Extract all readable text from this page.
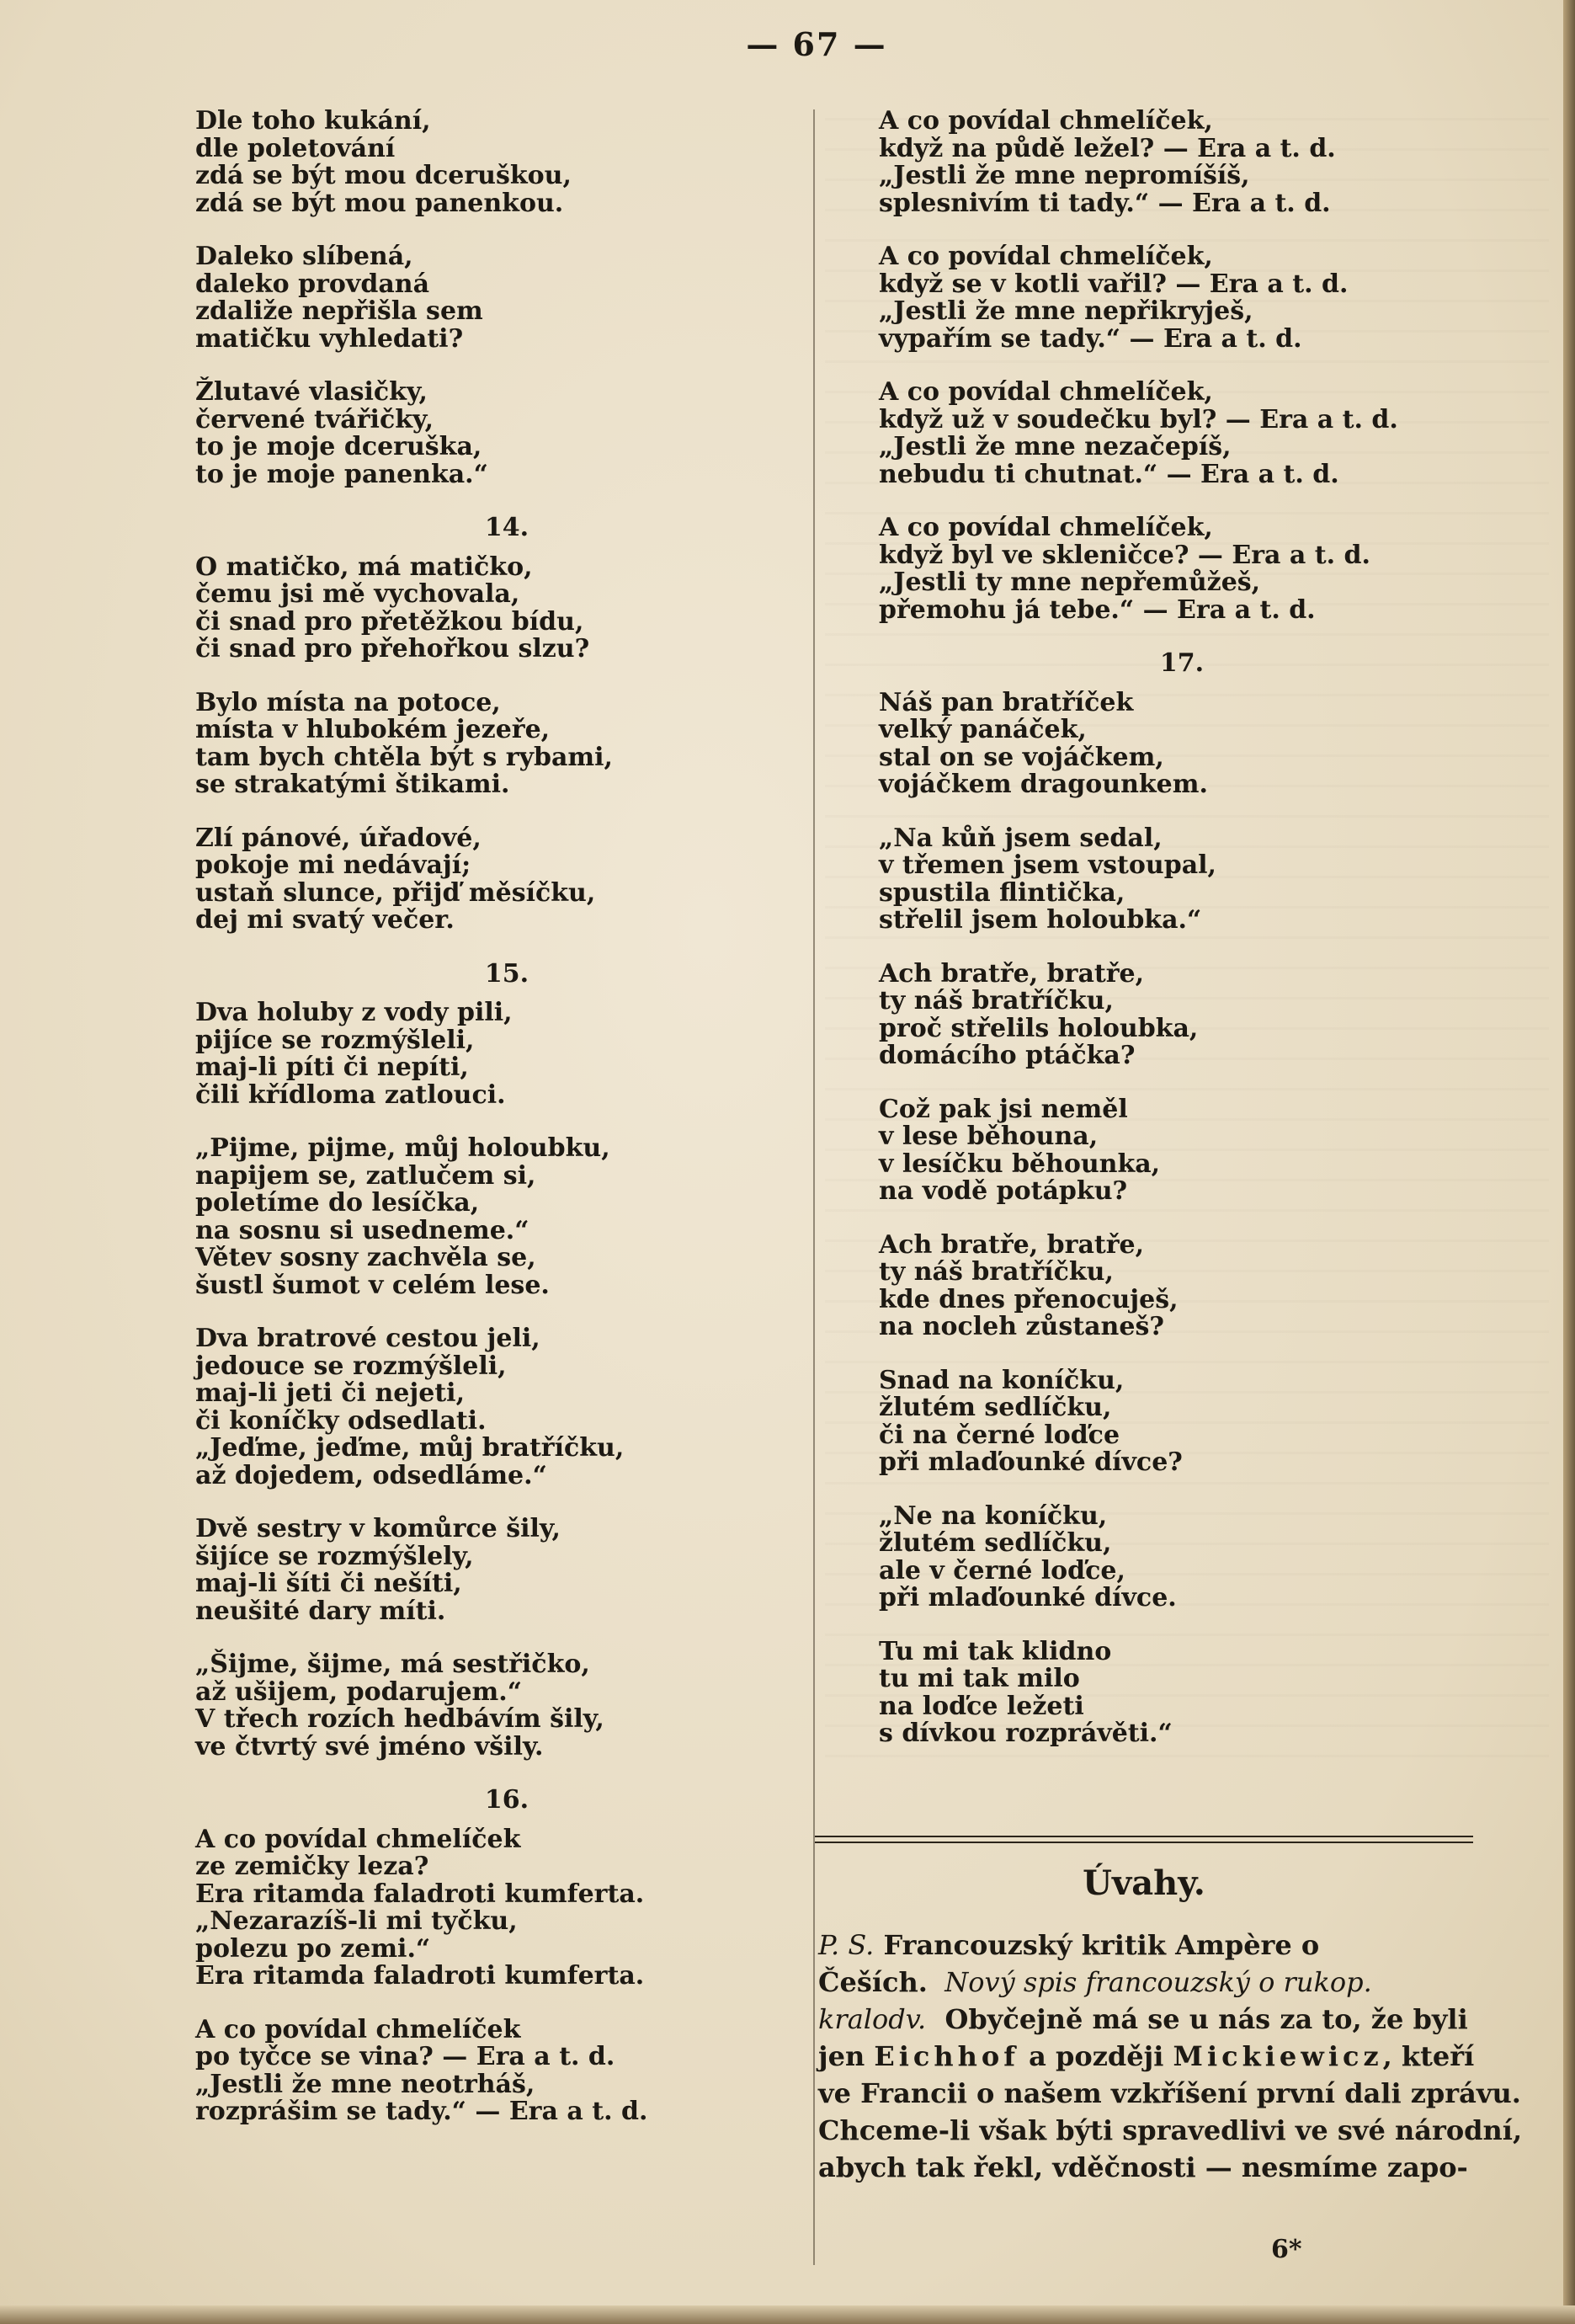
— 67 —
Dle toho kukání,
dle poletování
zdá se být mou dceruškou,
zdá se být mou panenkou.
Daleko slíbená,
daleko provdaná
zdaliže nepřišla sem
matičku vyhledati?
Žlutavé vlasičky,
červené tvářičky,
to je moje dceruška,
to je moje panenka.“
14.
O matičko, má matičko,
čemu jsi mě vychovala,
či snad pro přetěžkou bídu,
či snad pro přehořkou slzu?
Bylo místa na potoce,
místa v hlubokém jezeře,
tam bych chtěla být s rybami,
se strakatými štikami.
Zlí pánové, úřadové,
pokoje mi nedávají;
ustaň slunce, přijď měsíčku,
dej mi svatý večer.
15.
Dva holuby z vody pili,
pijíce se rozmýšleli,
maj-li píti či nepíti,
čili křídloma zatlouci.
„Pijme, pijme, můj holoubku,
napijem se, zatlučem si,
poletíme do lesíčka,
na sosnu si usedneme.“
Větev sosny zachvěla se,
šustl šumot v celém lese.
Dva bratrové cestou jeli,
jedouce se rozmýšleli,
maj-li jeti či nejeti,
či koníčky odsedlati.
„Jeďme, jeďme, můj bratříčku,
až dojedem, odsedláme.“
Dvě sestry v komůrce šily,
šijíce se rozmýšlely,
maj-li šíti či nešíti,
neušité dary míti.
„Šijme, šijme, má sestřičko,
až ušijem, podarujem.“
V třech rozích hedbávím šily,
ve čtvrtý své jméno všily.
16.
A co povídal chmelíček
ze zemičky leza?
Era ritamda faladroti kumferta.
„Nezarazíš-li mi tyčku,
polezu po zemi.“
Era ritamda faladroti kumferta.
A co povídal chmelíček
po tyčce se vina? — Era a t. d.
„Jestli že mne neotrháš,
rozprášim se tady.“ — Era a t. d.
A co povídal chmelíček,
když na půdě ležel? — Era a t. d.
„Jestli že mne nepromíšíš,
splesnivím ti tady.“ — Era a t. d.
A co povídal chmelíček,
když se v kotli vařil? — Era a t. d.
„Jestli že mne nepřikryješ,
vypařím se tady.“ — Era a t. d.
A co povídal chmelíček,
když už v soudečku byl? — Era a t. d.
„Jestli že mne nezačepíš,
nebudu ti chutnat.“ — Era a t. d.
A co povídal chmelíček,
když byl ve skleničce? — Era a t. d.
„Jestli ty mne nepřemůžeš,
přemohu já tebe.“ — Era a t. d.
17.
Náš pan bratříček
velký panáček,
stal on se vojáčkem,
vojáčkem dragounkem.
„Na kůň jsem sedal,
v třemen jsem vstoupal,
spustila flintička,
střelil jsem holoubka.“
Ach bratře, bratře,
ty náš bratříčku,
proč střelils holoubka,
domácího ptáčka?
Což pak jsi neměl
v lese běhouna,
v lesíčku běhounka,
na vodě potápku?
Ach bratře, bratře,
ty náš bratříčku,
kde dnes přenocuješ,
na nocleh zůstaneš?
Snad na koníčku,
žlutém sedlíčku,
či na černé loďce
při mlaďounké dívce?
„Ne na koníčku,
žlutém sedlíčku,
ale v černé loďce,
při mlaďounké dívce.
Tu mi tak klidno
tu mi tak milo
na loďce ležeti
s dívkou rozprávěti.“
Úvahy.
P. S. Francouzský kritik Ampère o
Češích.  Nový spis francouzský o rukop.
kralodv.  Obyčejně má se u nás za to, že byli
jen Eichhof a později Mickiewicz, kteří
ve Francii o našem vzkříšení první dali zprávu.
Chceme-li však býti spravedlivi ve své národní,
abych tak řekl, vděčnosti — nesmíme zapo-
6*
